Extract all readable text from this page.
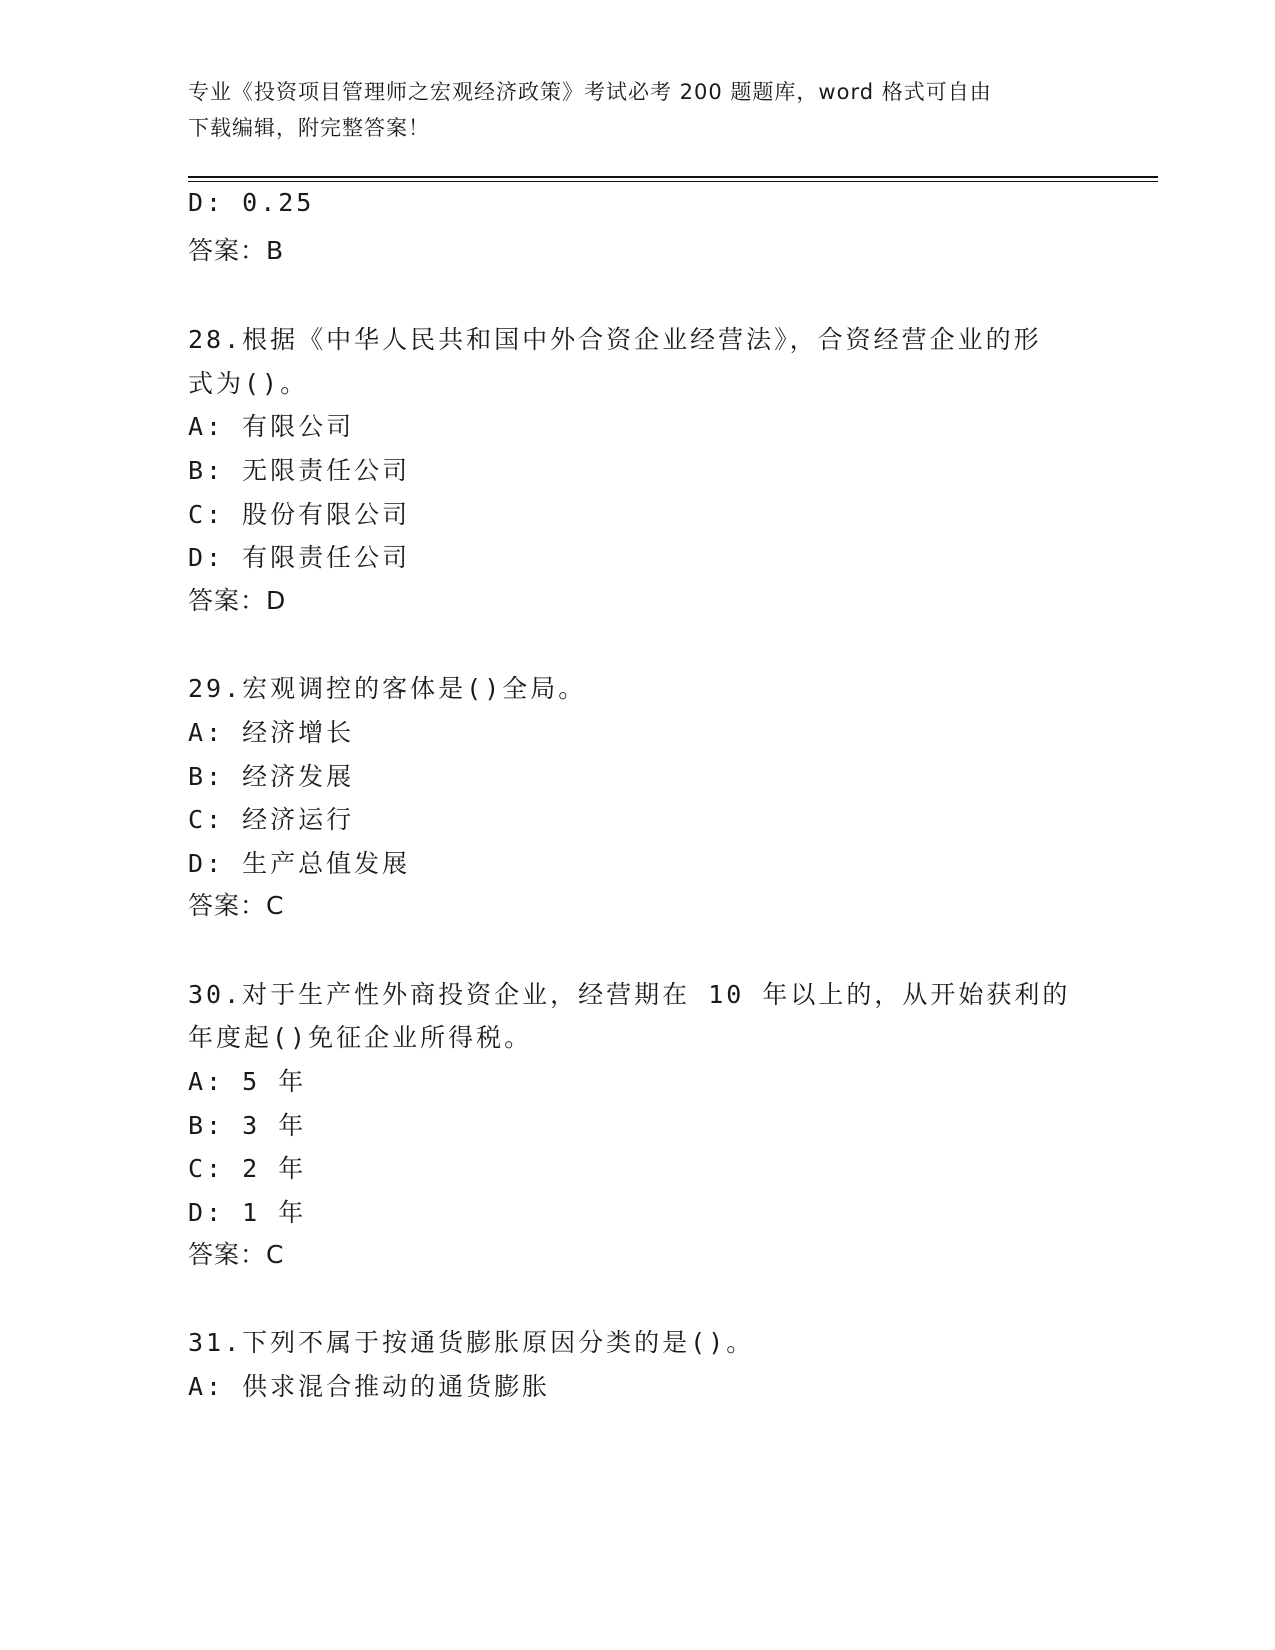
专业《投资项目管理师之宏观经济政策》考试必考 200 题题库，word 格式可自由
下载编辑，附完整答案！
D: 0.25
答案：B
28.根据《中华人民共和国中外合资企业经营法》，合资经营企业的形
式为()。
A: 有限公司
B: 无限责任公司
C: 股份有限公司
D: 有限责任公司
答案：D
29.宏观调控的客体是()全局。
A: 经济增长
B: 经济发展
C: 经济运行
D: 生产总值发展
答案：C
30.对于生产性外商投资企业，经营期在 10 年以上的，从开始获利的
年度起()免征企业所得税。
A: 5 年
B: 3 年
C: 2 年
D: 1 年
答案：C
31.下列不属于按通货膨胀原因分类的是()。
A: 供求混合推动的通货膨胀
